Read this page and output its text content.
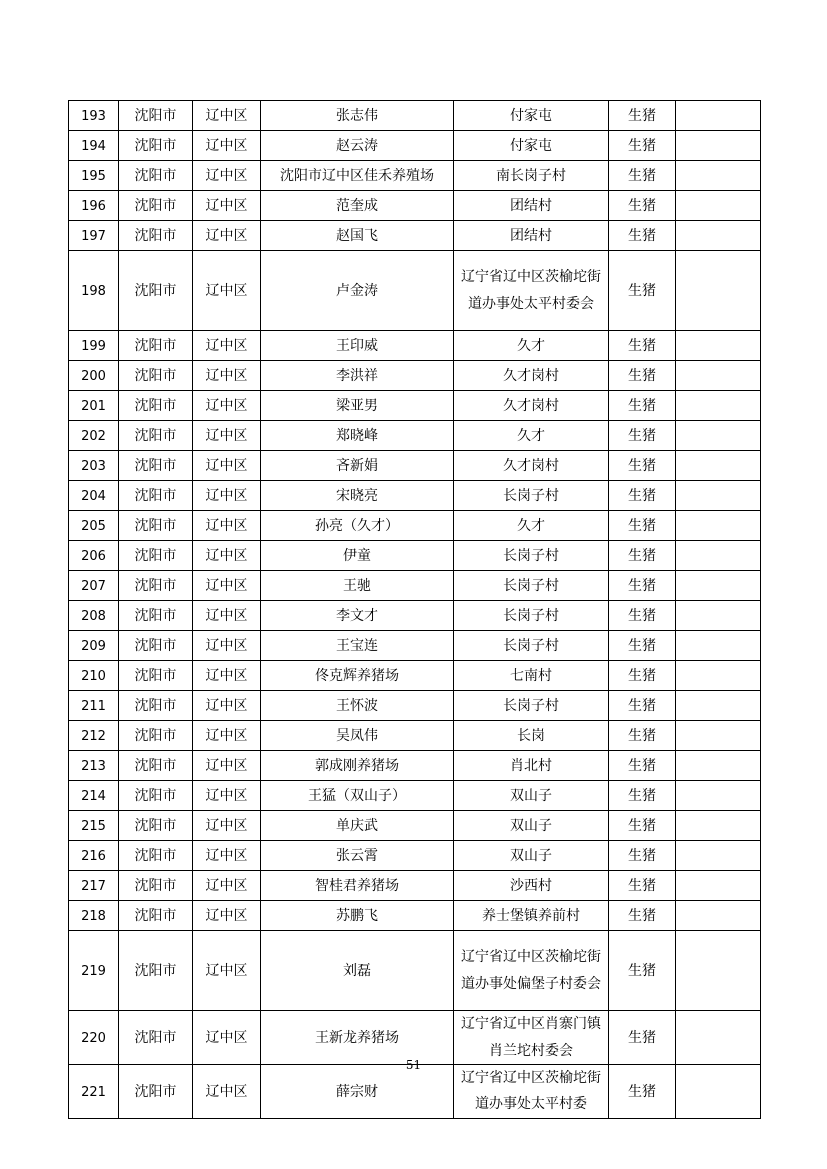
193	沈阳市	辽中区	张志伟	付家屯	生猪	
194	沈阳市	辽中区	赵云涛	付家屯	生猪	
195	沈阳市	辽中区	沈阳市辽中区佳禾养殖场	南长岗子村	生猪	
196	沈阳市	辽中区	范奎成	团结村	生猪	
197	沈阳市	辽中区	赵国飞	团结村	生猪	
198	沈阳市	辽中区	卢金涛	辽宁省辽中区茨榆坨街道办事处太平村委会	生猪	
199	沈阳市	辽中区	王印威	久才	生猪	
200	沈阳市	辽中区	李洪祥	久才岗村	生猪	
201	沈阳市	辽中区	梁亚男	久才岗村	生猪	
202	沈阳市	辽中区	郑晓峰	久才	生猪	
203	沈阳市	辽中区	吝新娟	久才岗村	生猪	
204	沈阳市	辽中区	宋晓亮	长岗子村	生猪	
205	沈阳市	辽中区	孙亮（久才）	久才	生猪	
206	沈阳市	辽中区	伊童	长岗子村	生猪	
207	沈阳市	辽中区	王驰	长岗子村	生猪	
208	沈阳市	辽中区	李文才	长岗子村	生猪	
209	沈阳市	辽中区	王宝连	长岗子村	生猪	
210	沈阳市	辽中区	佟克辉养猪场	七南村	生猪	
211	沈阳市	辽中区	王怀波	长岗子村	生猪	
212	沈阳市	辽中区	吴凤伟	长岗	生猪	
213	沈阳市	辽中区	郭成刚养猪场	肖北村	生猪	
214	沈阳市	辽中区	王猛（双山子）	双山子	生猪	
215	沈阳市	辽中区	单庆武	双山子	生猪	
216	沈阳市	辽中区	张云霄	双山子	生猪	
217	沈阳市	辽中区	智桂君养猪场	沙西村	生猪	
218	沈阳市	辽中区	苏鹏飞	养士堡镇养前村	生猪	
219	沈阳市	辽中区	刘磊	辽宁省辽中区茨榆坨街道办事处偏堡子村委会	生猪	
220	沈阳市	辽中区	王新龙养猪场	辽宁省辽中区肖寨门镇肖兰坨村委会	生猪	
221	沈阳市	辽中区	薛宗财	辽宁省辽中区茨榆坨街道办事处太平村委	生猪	
51
